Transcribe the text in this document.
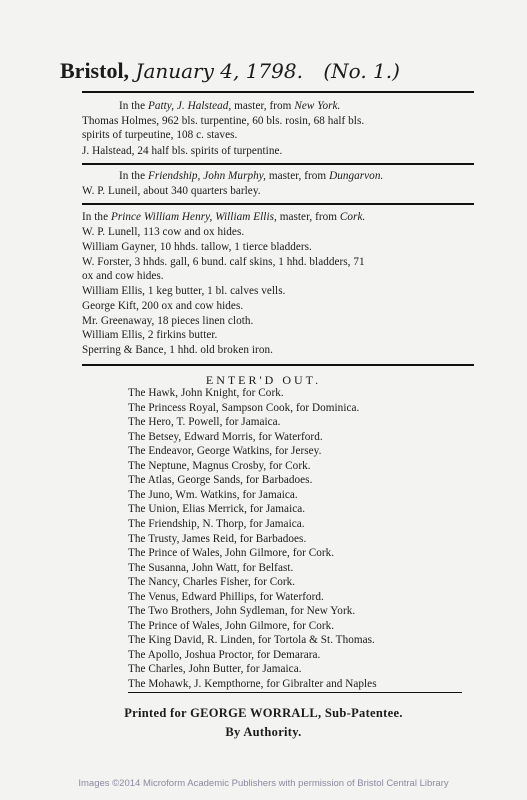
Bristol, January 4, 1798. (No. 1.)
In the Patty, J. Halstead, master, from New York.
Thomas Holmes, 962 bls. turpentine, 60 bls. rosin, 68 half bls.
spirits of turpeutine, 108 c. staves.
J. Halstead, 24 half bls. spirits of turpentine.
In the Friendship, John Murphy, master, from Dungarvon.
W. P. Luneil, about 340 quarters barley.
In the Prince William Henry, William Ellis, master, from Cork.
W. P. Lunell, 113 cow and ox hides.
William Gayner, 10 hhds. tallow, 1 tierce bladders.
W. Forster, 3 hhds. gall, 6 bund. calf skins, 1 hhd. bladders, 71
ox and cow hides.
William Ellis, 1 keg butter, 1 bl. calves vells.
George Kift, 200 ox and cow hides.
Mr. Greenaway, 18 pieces linen cloth.
William Ellis, 2 firkins butter.
Sperring & Bance, 1 hhd. old broken iron.
ENTER'D OUT.
The Hawk, John Knight, for Cork.
The Princess Royal, Sampson Cook, for Dominica.
The Hero, T. Powell, for Jamaica.
The Betsey, Edward Morris, for Waterford.
The Endeavor, George Watkins, for Jersey.
The Neptune, Magnus Crosby, for Cork.
The Atlas, George Sands, for Barbadoes.
The Juno, Wm. Watkins, for Jamaica.
The Union, Elias Merrick, for Jamaica.
The Friendship, N. Thorp, for Jamaica.
The Trusty, James Reid, for Barbadoes.
The Prince of Wales, John Gilmore, for Cork.
The Susanna, John Watt, for Belfast.
The Nancy, Charles Fisher, for Cork.
The Venus, Edward Phillips, for Waterford.
The Two Brothers, John Sydleman, for New York.
The Prince of Wales, John Gilmore, for Cork.
The King David, R. Linden, for Tortola & St. Thomas.
The Apollo, Joshua Proctor, for Demarara.
The Charles, John Butter, for Jamaica.
The Mohawk, J. Kempthorne, for Gibralter and Naples
Printed for GEORGE WORRALL, Sub-Patentee.
By Authority.
Images ©2014 Microform Academic Publishers with permission of Bristol Central Library
